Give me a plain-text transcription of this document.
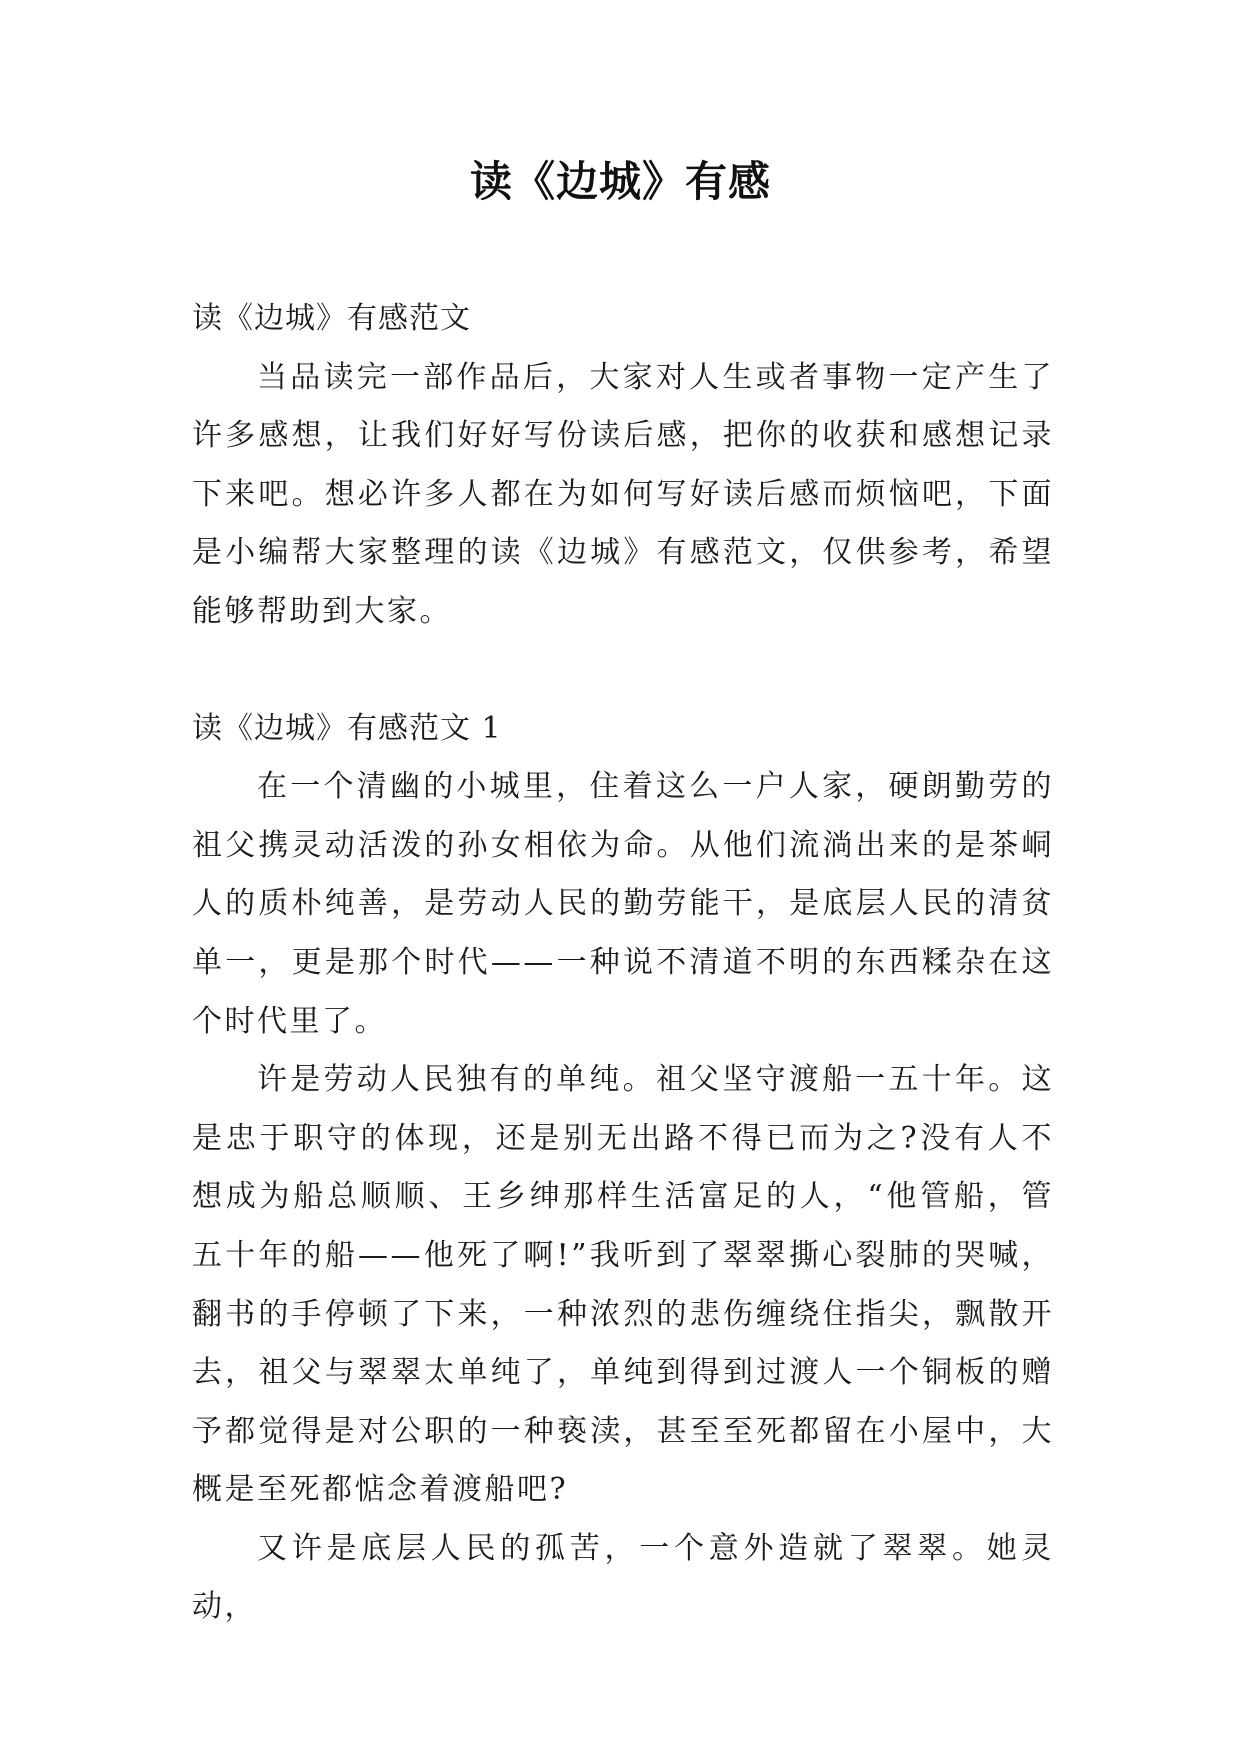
读《边城》有感

读《边城》有感范文

当品读完一部作品后，大家对人生或者事物一定产生了许多感想，让我们好好写份读后感，把你的收获和感想记录下来吧。想必许多人都在为如何写好读后感而烦恼吧，下面是小编帮大家整理的读《边城》有感范文，仅供参考，希望能够帮助到大家。

读《边城》有感范文 1

在一个清幽的小城里，住着这么一户人家，硬朗勤劳的祖父携灵动活泼的孙女相依为命。从他们流淌出来的是茶峒人的质朴纯善，是劳动人民的勤劳能干，是底层人民的清贫单一，更是那个时代——一种说不清道不明的东西糅杂在这个时代里了。

许是劳动人民独有的单纯。祖父坚守渡船一五十年。这是忠于职守的体现，还是别无出路不得已而为之?没有人不想成为船总顺顺、王乡绅那样生活富足的人，“他管船，管五十年的船——他死了啊!”我听到了翠翠撕心裂肺的哭喊，翻书的手停顿了下来，一种浓烈的悲伤缠绕住指尖，飘散开去，祖父与翠翠太单纯了，单纯到得到过渡人一个铜板的赠予都觉得是对公职的一种亵渎，甚至至死都留在小屋中，大概是至死都惦念着渡船吧?

又许是底层人民的孤苦，一个意外造就了翠翠。她灵动，
